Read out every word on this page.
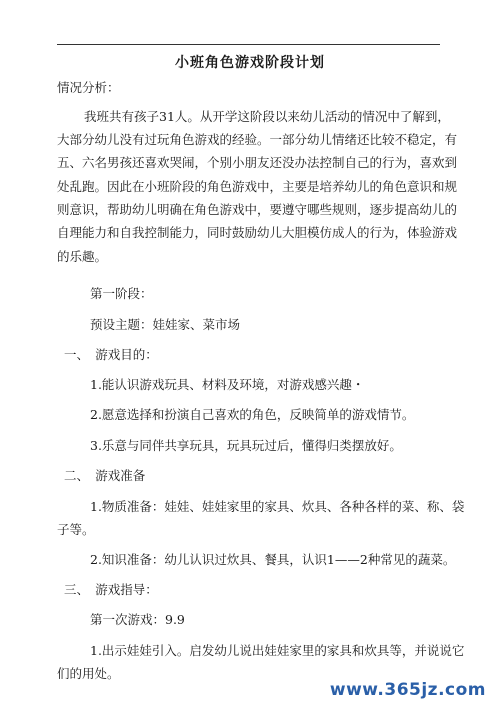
小班角色游戏阶段计划
情况分析：
我班共有孩子31人。从开学这阶段以来幼儿活动的情况中了解到，
大部分幼儿没有过玩角色游戏的经验。一部分幼儿情绪还比较不稳定，有
五、六名男孩还喜欢哭闹，个别小朋友还没办法控制自己的行为，喜欢到
处乱跑。因此在小班阶段的角色游戏中，主要是培养幼儿的角色意识和规
则意识，帮助幼儿明确在角色游戏中，要遵守哪些规则，逐步提高幼儿的
自理能力和自我控制能力，同时鼓励幼儿大胆模仿成人的行为，体验游戏
的乐趣。
第一阶段：
预设主题：娃娃家、菜市场
一、　游戏目的：
1.能认识游戏玩具、材料及环境，对游戏感兴趣・
2.愿意选择和扮演自己喜欢的角色，反映简单的游戏情节。
3.乐意与同伴共享玩具，玩具玩过后，懂得归类摆放好。
二、　游戏准备
1.物质准备：娃娃、娃娃家里的家具、炊具、各种各样的菜、称、袋
子等。
2.知识准备：幼儿认识过炊具、餐具，认识1——2种常见的蔬菜。
三、　游戏指导：
第一次游戏：9.9
1.出示娃娃引入。启发幼儿说出娃娃家里的家具和炊具等，并说说它
们的用处。
www.365jz.com
